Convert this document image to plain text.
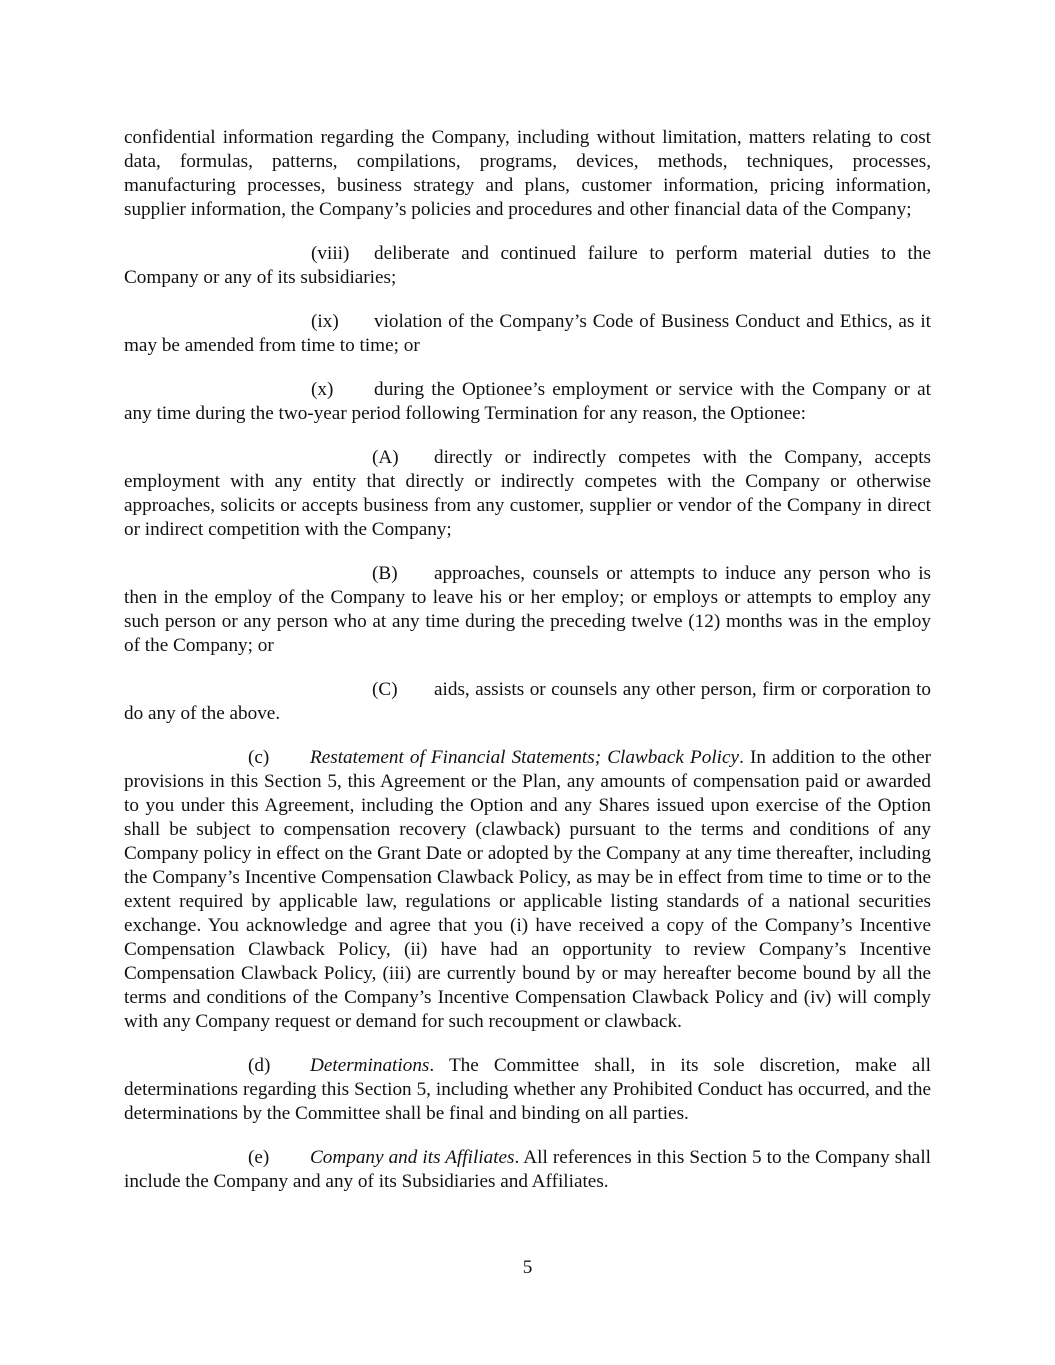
confidential information regarding the Company, including without limitation, matters relating to cost data, formulas, patterns, compilations, programs, devices, methods, techniques, processes, manufacturing processes, business strategy and plans, customer information, pricing information, supplier information, the Company’s policies and procedures and other financial data of the Company;

(viii) deliberate and continued failure to perform material duties to the Company or any of its subsidiaries;

(ix) violation of the Company’s Code of Business Conduct and Ethics, as it may be amended from time to time; or

(x) during the Optionee’s employment or service with the Company or at any time during the two-year period following Termination for any reason, the Optionee:

(A) directly or indirectly competes with the Company, accepts employment with any entity that directly or indirectly competes with the Company or otherwise approaches, solicits or accepts business from any customer, supplier or vendor of the Company in direct or indirect competition with the Company;

(B) approaches, counsels or attempts to induce any person who is then in the employ of the Company to leave his or her employ; or employs or attempts to employ any such person or any person who at any time during the preceding twelve (12) months was in the employ of the Company; or

(C) aids, assists or counsels any other person, firm or corporation to do any of the above.

(c) Restatement of Financial Statements; Clawback Policy. In addition to the other provisions in this Section 5, this Agreement or the Plan, any amounts of compensation paid or awarded to you under this Agreement, including the Option and any Shares issued upon exercise of the Option shall be subject to compensation recovery (clawback) pursuant to the terms and conditions of any Company policy in effect on the Grant Date or adopted by the Company at any time thereafter, including the Company’s Incentive Compensation Clawback Policy, as may be in effect from time to time or to the extent required by applicable law, regulations or applicable listing standards of a national securities exchange. You acknowledge and agree that you (i) have received a copy of the Company’s Incentive Compensation Clawback Policy, (ii) have had an opportunity to review Company’s Incentive Compensation Clawback Policy, (iii) are currently bound by or may hereafter become bound by all the terms and conditions of the Company’s Incentive Compensation Clawback Policy and (iv) will comply with any Company request or demand for such recoupment or clawback.

(d) Determinations. The Committee shall, in its sole discretion, make all determinations regarding this Section 5, including whether any Prohibited Conduct has occurred, and the determinations by the Committee shall be final and binding on all parties.

(e) Company and its Affiliates. All references in this Section 5 to the Company shall include the Company and any of its Subsidiaries and Affiliates.

5
